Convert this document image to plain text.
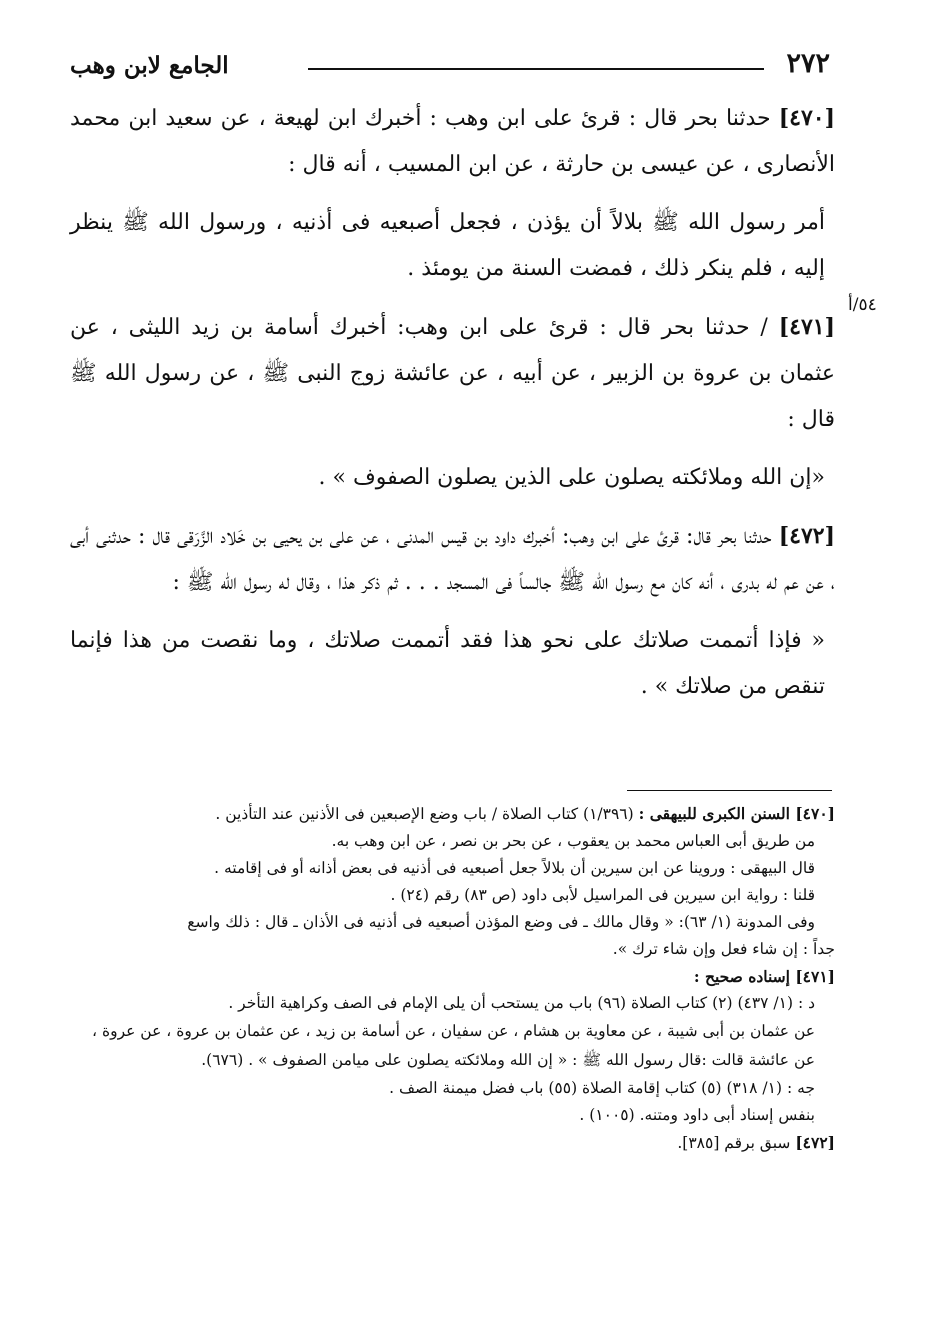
٢٧٢
الجامع لابن وهب
٥٤/أ

[٤٧٠] حدثنا بحر قال : قرئ على ابن وهب : أخبرك ابن لهيعة ، عن سعيد ابن محمد الأنصارى ، عن عيسى بن حارثة ، عن ابن المسيب ، أنه قال :

أمر رسول الله ﷺ بلالاً أن يؤذن ، فجعل أصبعيه فى أذنيه ، ورسول الله ﷺ ينظر إليه ، فلم ينكر ذلك ، فمضت السنة من يومئذ .

[٤٧١] / حدثنا بحر قال : قرئ على ابن وهب: أخبرك أسامة بن زيد الليثى ، عن عثمان بن عروة بن الزبير ، عن أبيه ، عن عائشة زوج النبى ﷺ ، عن رسول الله ﷺ قال :

«إن الله وملائكته يصلون على الذين يصلون الصفوف » .

[٤٧٢] حدثنا بحر قال: قرئ على ابن وهب: أخبرك داود بن قيس المدنى ، عن على بن يحيى بن خَلاد الزَّرَقى قال : حدثنى أبى ، عن عم له بدرى ، أنه كان مع رسول الله ﷺ جالساً فى المسجد . . . ثم ذكر هذا ، وقال له رسول الله ﷺ :

« فإذا أتممت صلاتك على نحو هذا فقد أتممت صلاتك ، وما نقصت من هذا فإنما تنقص من صلاتك » .

[٤٧٠] السنن الكبرى للبيهقى : (١/٣٩٦) كتاب الصلاة / باب وضع الإصبعين فى الأذنين عند التأذين .
من طريق أبى العباس محمد بن يعقوب ، عن بحر بن نصر ، عن ابن وهب به.
قال البيهقى : وروينا عن ابن سيرين أن بلالاً جعل أصبعيه فى أذنيه فى بعض أذانه أو فى إقامته .
قلنا : رواية ابن سيرين فى المراسيل لأبى داود (ص ٨٣) رقم (٢٤) .
وفى المدونة (١/ ٦٣): « وقال مالك ـ فى وضع المؤذن أصبعيه فى أذنيه فى الأذان ـ قال : ذلك واسع
جداً : إن شاء فعل وإن شاء ترك ».
[٤٧١] إسناده صحيح :
د : (١/ ٤٣٧) (٢) كتاب الصلاة (٩٦) باب من يستحب أن يلى الإمام فى الصف وكراهية التأخر .
عن عثمان بن أبى شيبة ، عن معاوية بن هشام ، عن سفيان ، عن أسامة بن زيد ، عن عثمان بن عروة ، عن عروة ، عن عائشة قالت :قال رسول الله ﷺ : « إن الله وملائكته يصلون على ميامن الصفوف » . (٦٧٦).
جه : (١/ ٣١٨) (٥) كتاب إقامة الصلاة (٥٥) باب فضل ميمنة الصف .
بنفس إسناد أبى داود ومتنه. (١٠٠٥) .
[٤٧٢] سبق برقم [٣٨٥].
